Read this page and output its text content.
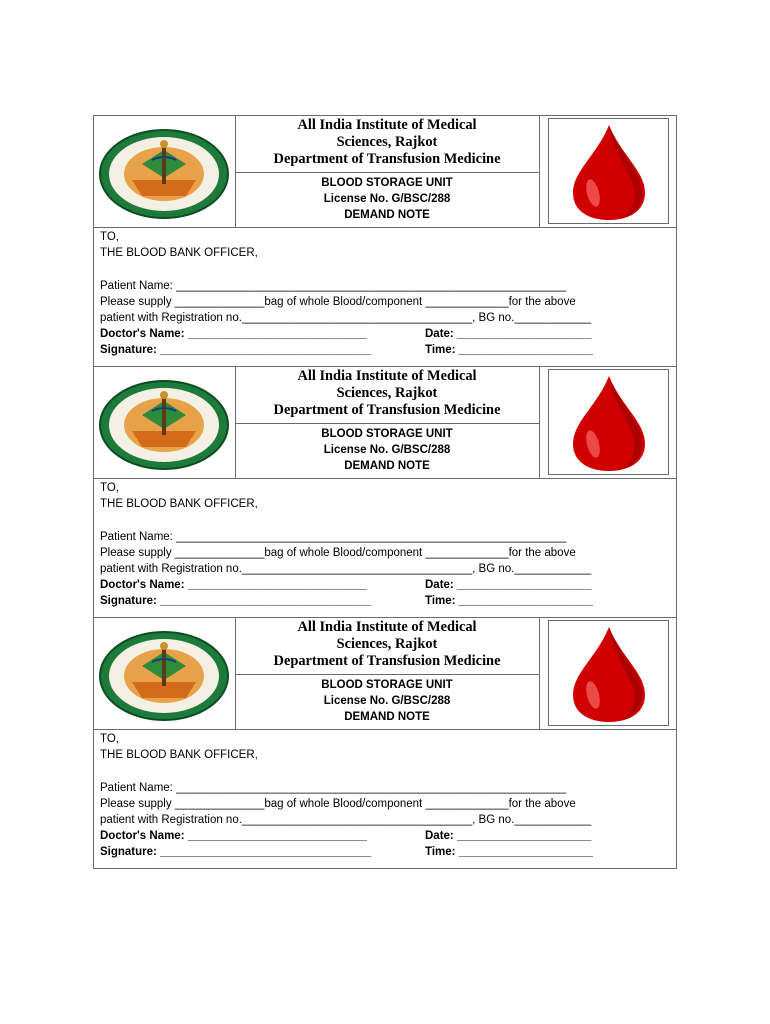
All India Institute of Medical
Sciences, Rajkot
Department of Transfusion Medicine
BLOOD STORAGE UNIT
License No. G/BSC/288
DEMAND NOTE
TO,
THE BLOOD BANK OFFICER,
Patient Name: _____________________________________________________________
Please supply ______________bag of whole Blood/component _____________for the above
patient with Registration no.____________________________________, BG no.____________
Doctor's Name: ____________________________	Date: _____________________
Signature: _________________________________	Time: _____________________
All India Institute of Medical
Sciences, Rajkot
Department of Transfusion Medicine
BLOOD STORAGE UNIT
License No. G/BSC/288
DEMAND NOTE
TO,
THE BLOOD BANK OFFICER,
Patient Name: _____________________________________________________________
Please supply ______________bag of whole Blood/component _____________for the above
patient with Registration no.____________________________________, BG no.____________
Doctor's Name: ____________________________	Date: _____________________
Signature: _________________________________	Time: _____________________
All India Institute of Medical
Sciences, Rajkot
Department of Transfusion Medicine
BLOOD STORAGE UNIT
License No. G/BSC/288
DEMAND NOTE
TO,
THE BLOOD BANK OFFICER,
Patient Name: _____________________________________________________________
Please supply ______________bag of whole Blood/component _____________for the above
patient with Registration no.____________________________________, BG no.____________
Doctor's Name: ____________________________	Date: _____________________
Signature: _________________________________	Time: _____________________
